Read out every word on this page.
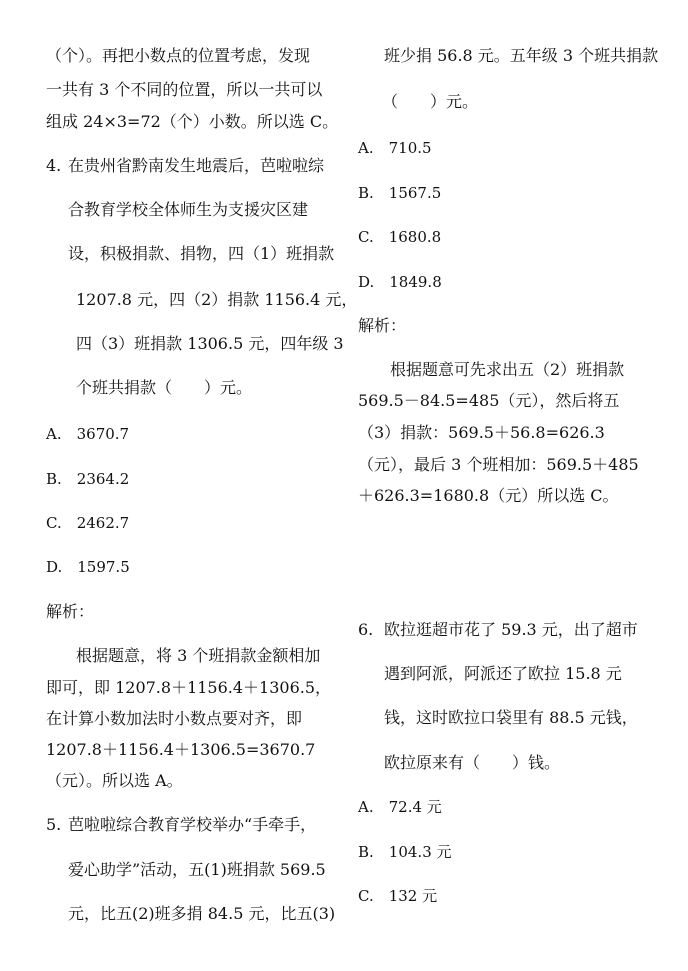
（个）。再把小数点的位置考虑，发现
一共有 3 个不同的位置，所以一共可以
组成 24×3=72（个）小数。所以选 C。
4. 在贵州省黔南发生地震后，芭啦啦综
合教育学校全体师生为支援灾区建
设，积极捐款、捐物，四（1）班捐款
1207.8 元，四（2）捐款 1156.4 元，
四（3）班捐款 1306.5 元，四年级 3
个班共捐款（　　）元。
A.　3670.7
B.　2364.2
C.　2462.7
D.　1597.5
解析：
根据题意，将 3 个班捐款金额相加
即可，即 1207.8＋1156.4＋1306.5，
在计算小数加法时小数点要对齐，即
1207.8＋1156.4＋1306.5=3670.7
（元）。所以选 A。
5. 芭啦啦综合教育学校举办“手牵手，
爱心助学”活动，五(1)班捐款 569.5
元，比五(2)班多捐 84.5 元，比五(3)
班少捐 56.8 元。五年级 3 个班共捐款
（　　）元。
A.　710.5
B.　1567.5
C.　1680.8
D.　1849.8
解析：
根据题意可先求出五（2）班捐款
569.5－84.5=485（元），然后将五
（3）捐款：569.5＋56.8=626.3
（元），最后 3 个班相加：569.5＋485
＋626.3=1680.8（元）所以选 C。
6. 欧拉逛超市花了 59.3 元，出了超市
遇到阿派，阿派还了欧拉 15.8 元
钱，这时欧拉口袋里有 88.5 元钱，
欧拉原来有（　　）钱。
A.　72.4 元
B.　104.3 元
C.　132 元
